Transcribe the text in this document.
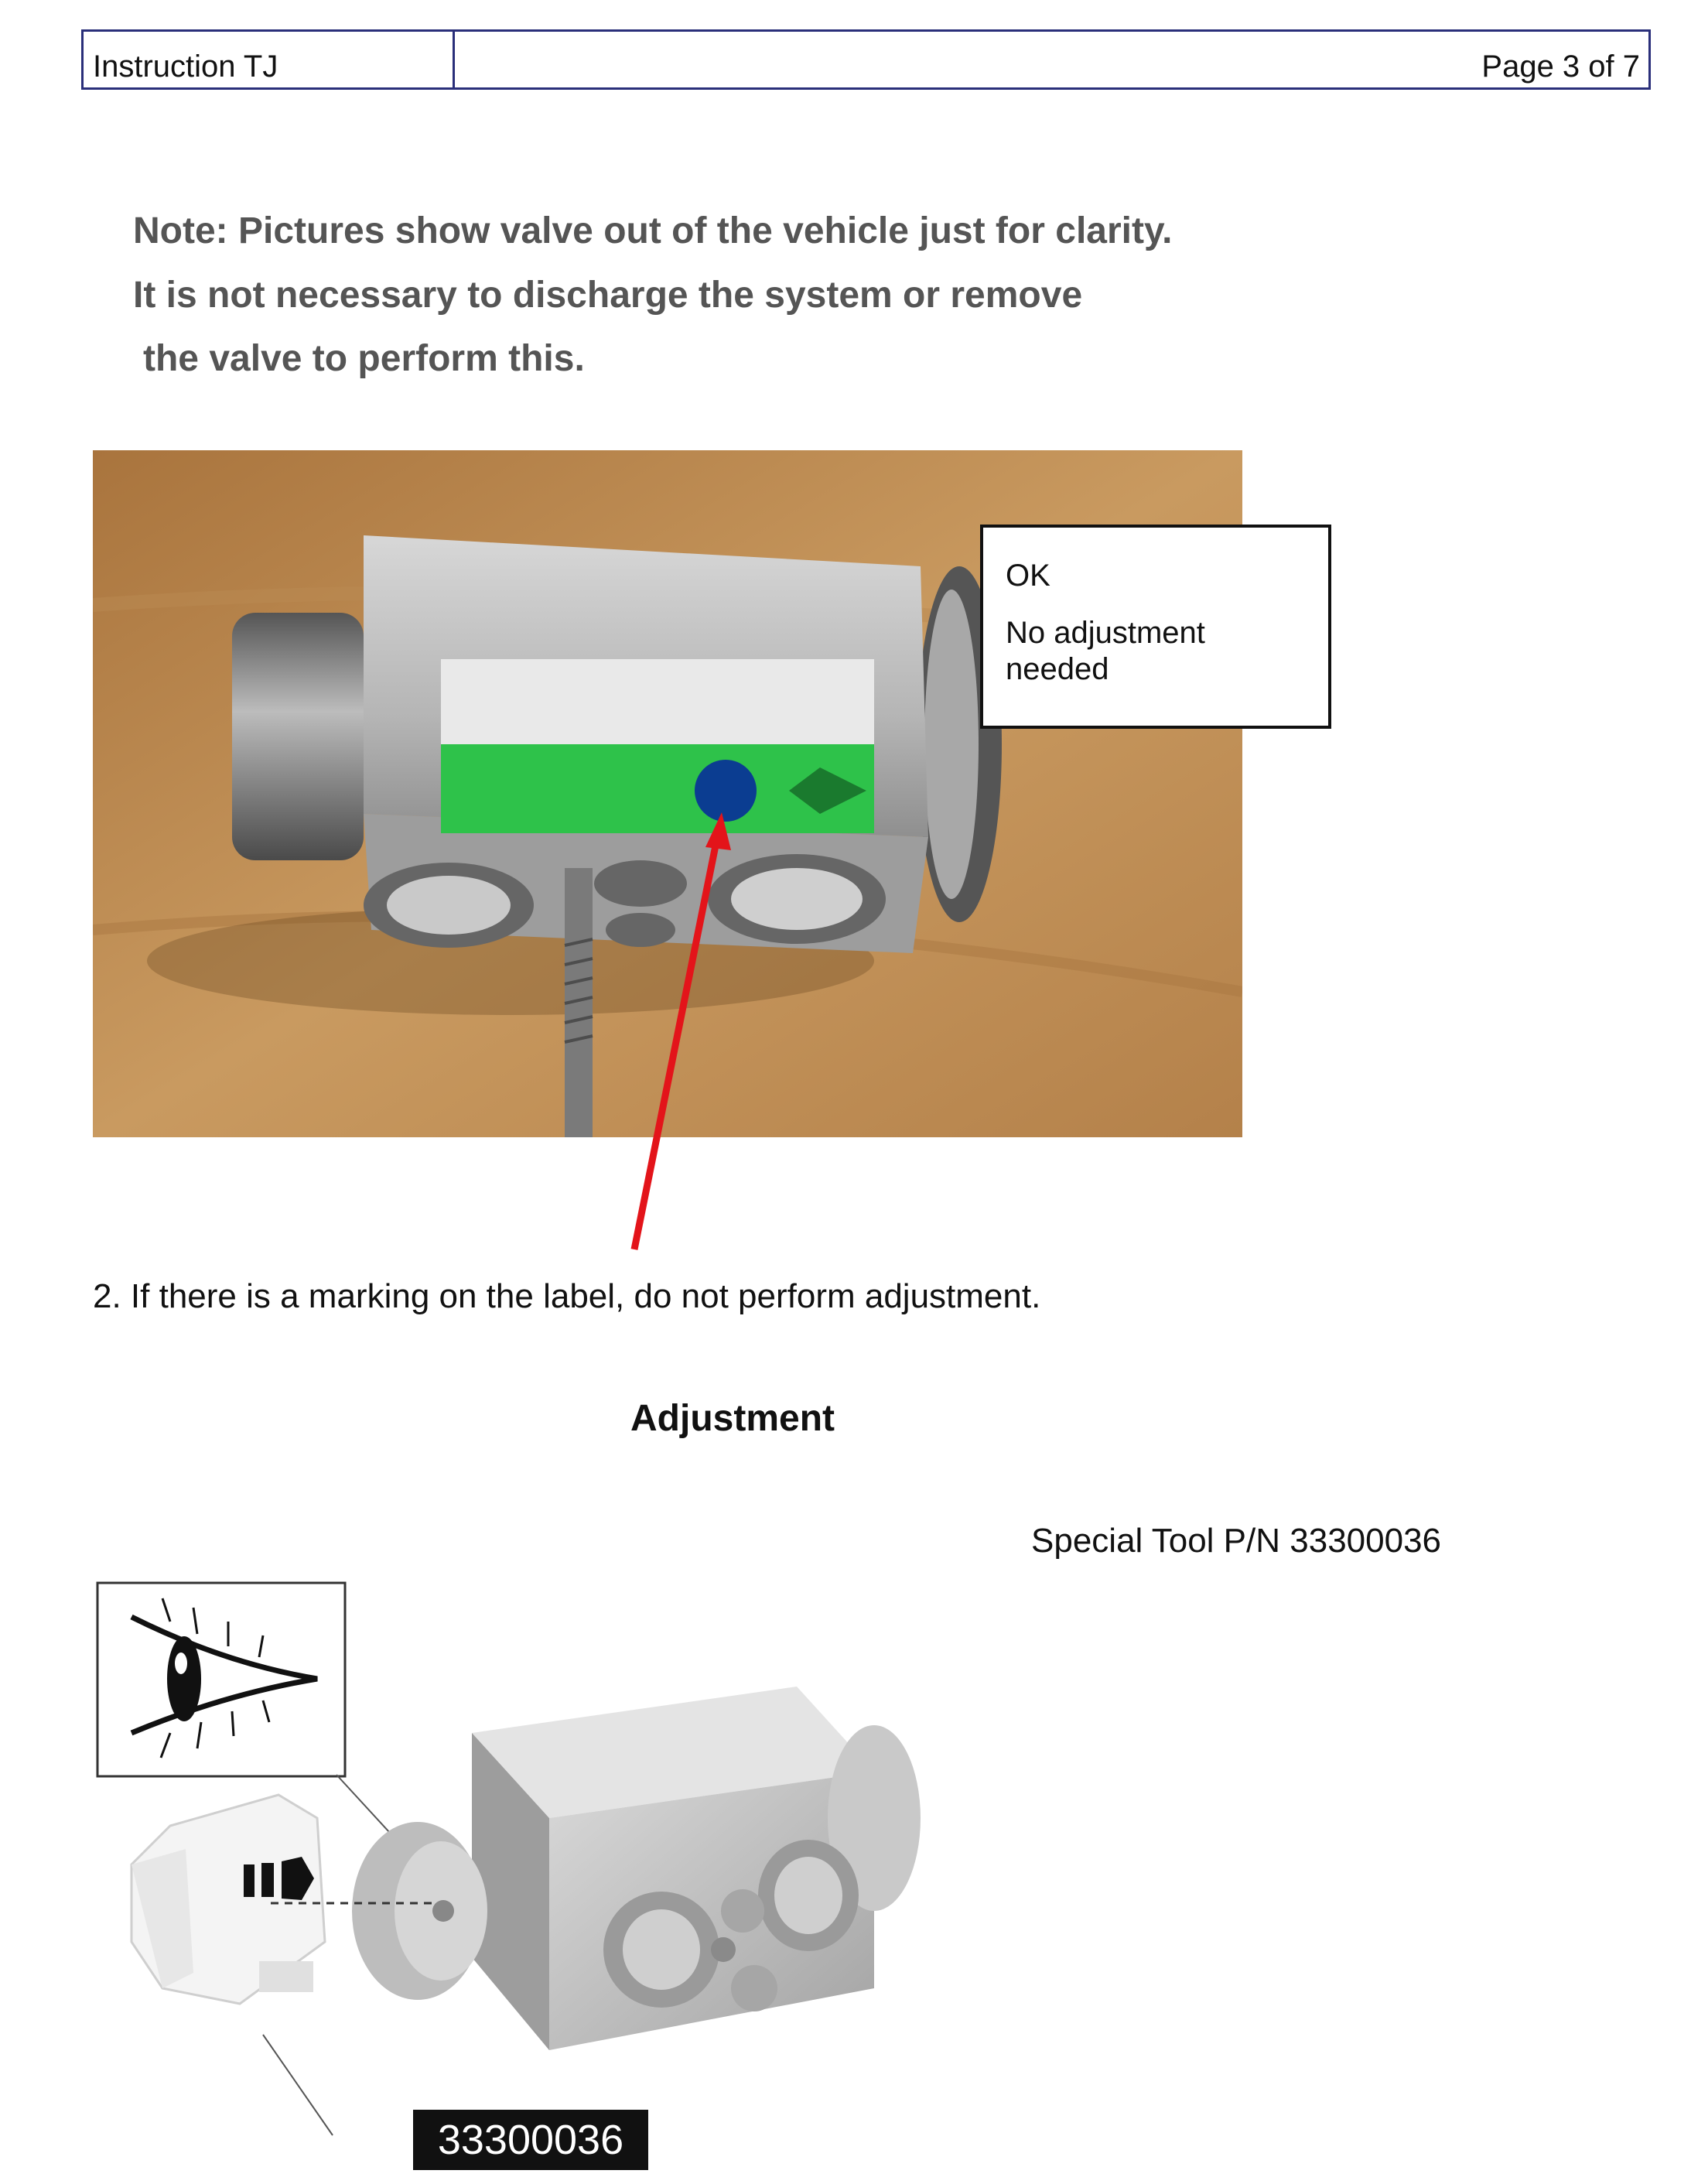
Instruction TJ	Page 3 of 7
Note: Pictures show valve out of the vehicle just for clarity.
It is not necessary to discharge the system or remove
the valve to perform this.
OK
No adjustment
needed
2. If there is a marking on the label, do not perform adjustment.
Adjustment
Special Tool P/N 33300036
33300036
